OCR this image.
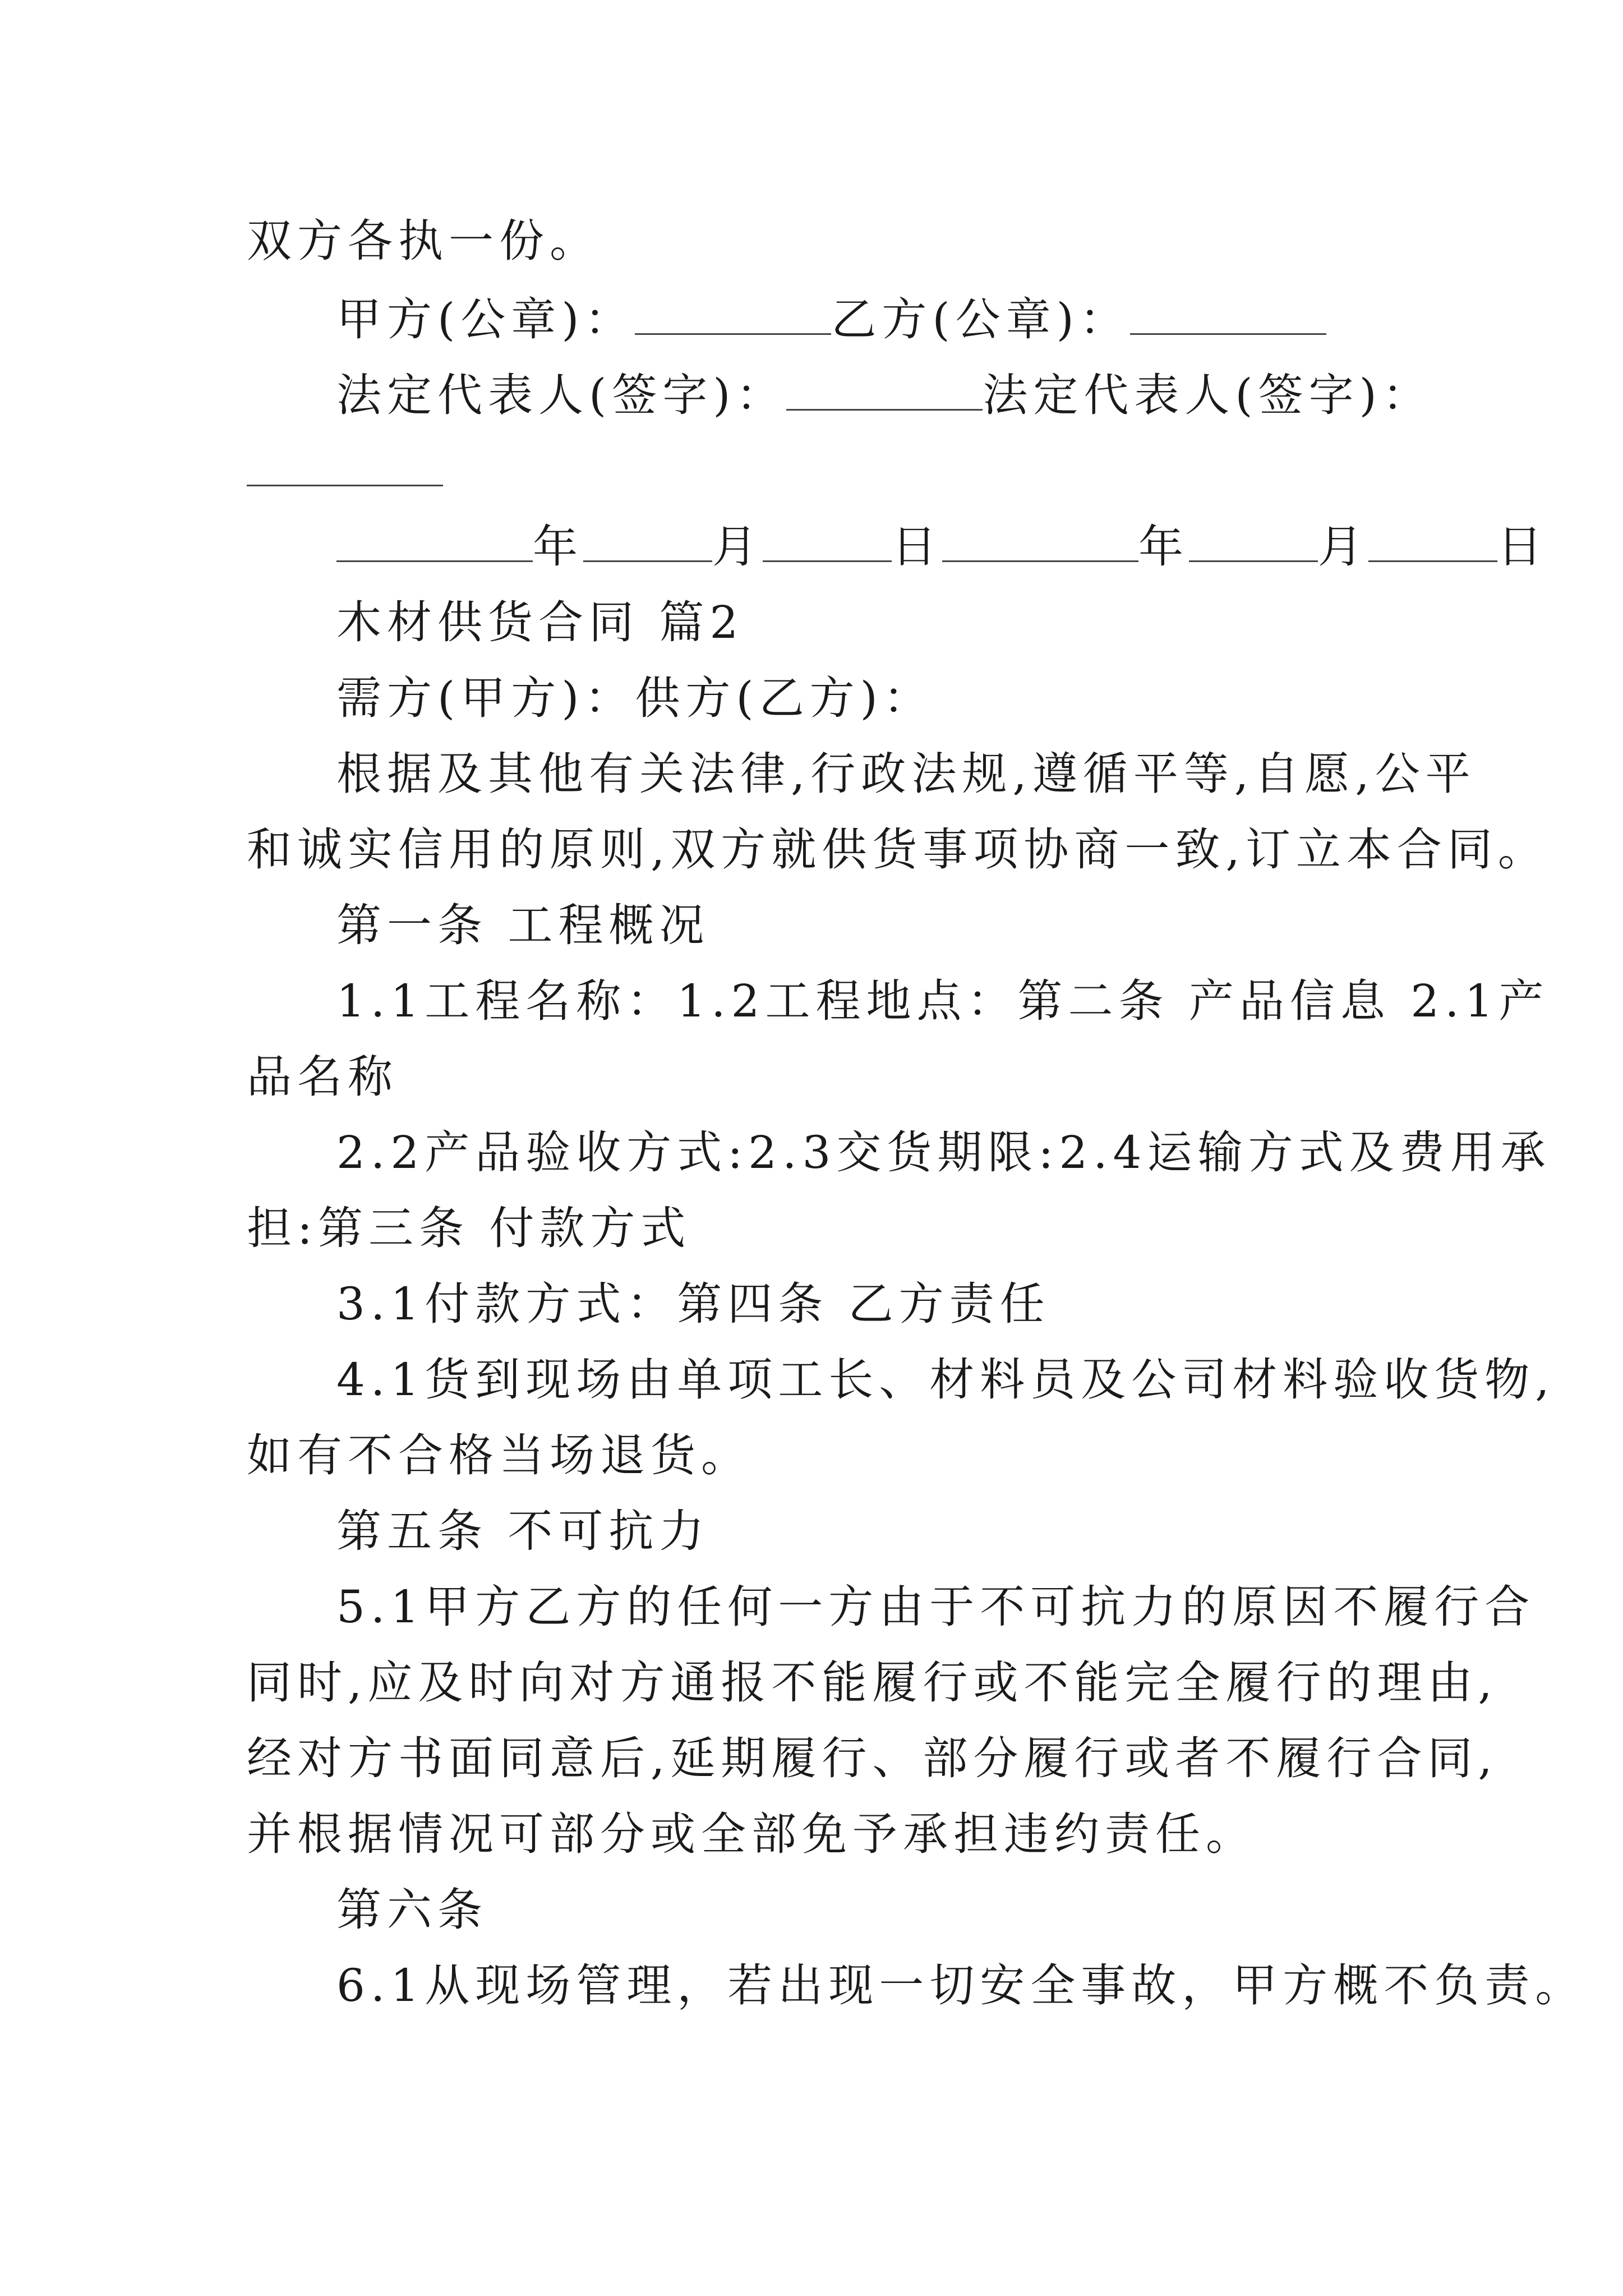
双方各执一份。
甲方(公章)：	乙方(公章)：
法定代表人(签字)：	法定代表人(签字)：
年	月	日	年	月	日
木材供货合同 篇2
需方(甲方)：供方(乙方)：
根据及其他有关法律,行政法规,遵循平等,自愿,公平
和诚实信用的原则,双方就供货事项协商一致,订立本合同。
第一条 工程概况
1.1工程名称：1.2工程地点：第二条 产品信息 2.1产
品名称
2.2产品验收方式:2.3交货期限:2.4运输方式及费用承
担:第三条 付款方式
3.1付款方式：第四条 乙方责任
4.1货到现场由单项工长、材料员及公司材料验收货物,
如有不合格当场退货。
第五条 不可抗力
5.1甲方乙方的任何一方由于不可抗力的原因不履行合
同时,应及时向对方通报不能履行或不能完全履行的理由,
经对方书面同意后,延期履行、部分履行或者不履行合同,
并根据情况可部分或全部免予承担违约责任。
第六条
6.1从现场管理，若出现一切安全事故，甲方概不负责。
